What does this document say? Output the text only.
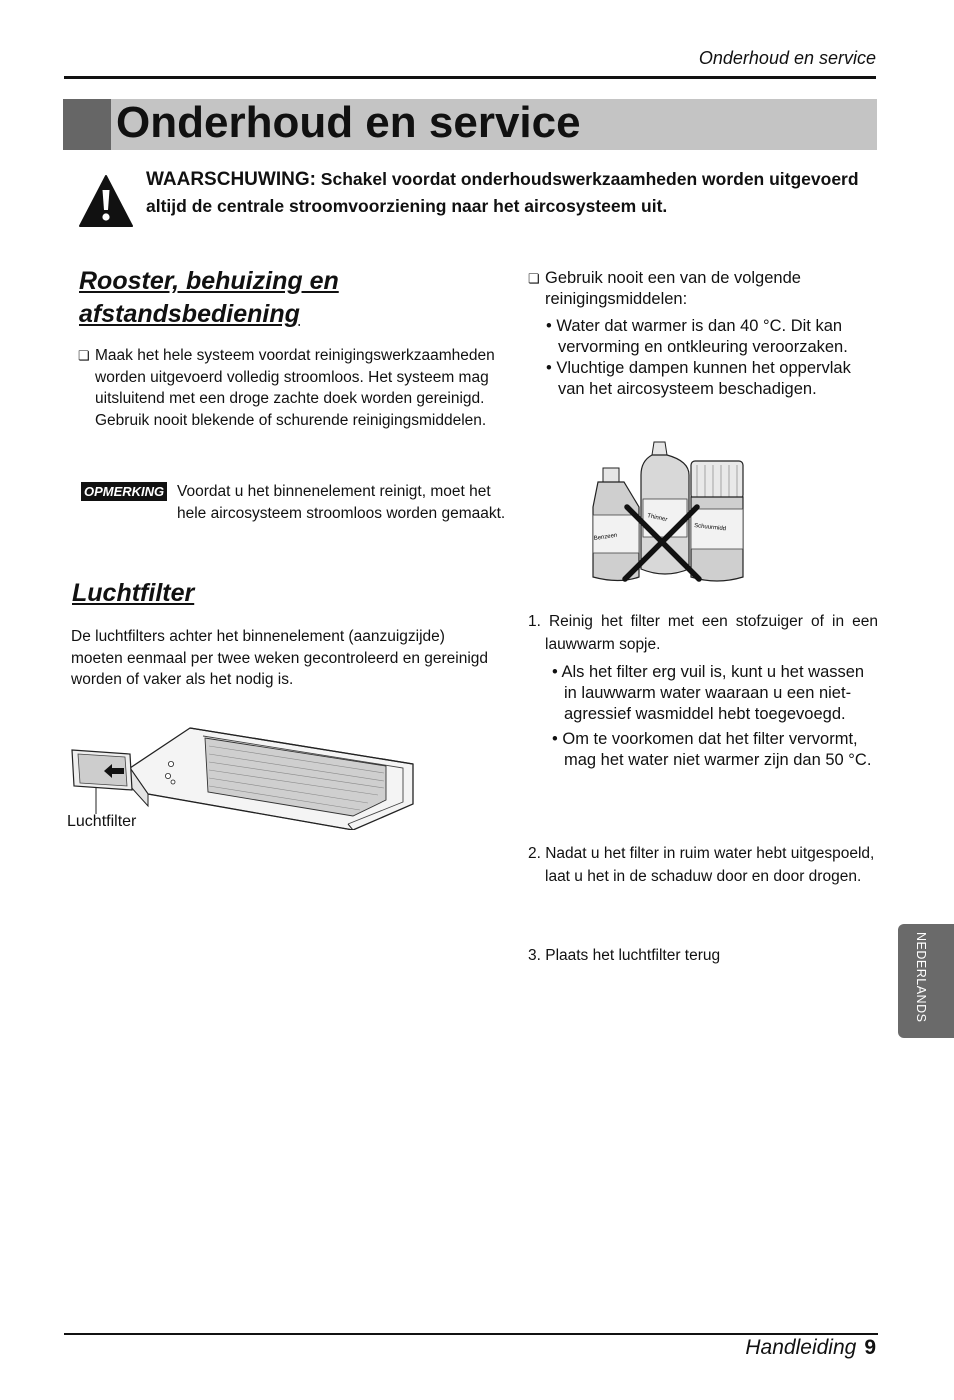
Onderhoud en service
Onderhoud en service
WAARSCHUWING: Schakel voordat onderhoudswerkzaamheden worden uitgevoerd altijd de centrale stroomvoorziening naar het aircosysteem uit.
Rooster, behuizing en afstandsbediening
❏ Maak het hele systeem voordat reinigingswerkzaamheden worden uitgevoerd volledig stroomloos. Het systeem mag uitsluitend met een droge zachte doek worden gereinigd.
Gebruik nooit blekende of schurende reinigingsmiddelen.
OPMERKING Voordat u het binnenelement reinigt, moet het hele aircosysteem stroomloos worden gemaakt.
Luchtfilter
De luchtfilters achter het binnenelement (aanzuigzijde) moeten eenmaal per twee weken gecontroleerd en gereinigd worden of vaker als het nodig is.
Luchtfilter
❏ Gebruik nooit een van de volgende reinigingsmiddelen:
• Water dat warmer is dan 40 °C. Dit kan vervorming en ontkleuring veroorzaken.
• Vluchtige dampen kunnen het oppervlak van het aircosysteem beschadigen.
Benzeen
Thinner
Schuurmidd
1. Reinig het filter met een stofzuiger of in een lauwwarm sopje.
• Als het filter erg vuil is, kunt u het wassen in lauwwarm water waaraan u een niet-agressief wasmiddel hebt toegevoegd.
• Om te voorkomen dat het filter vervormt, mag het water niet warmer zijn dan 50 °C.
2. Nadat u het filter in ruim water hebt uitgespoeld, laat u het in de schaduw door en door drogen.
3. Plaats het luchtfilter terug	NEDERLANDS
Handleiding 9
